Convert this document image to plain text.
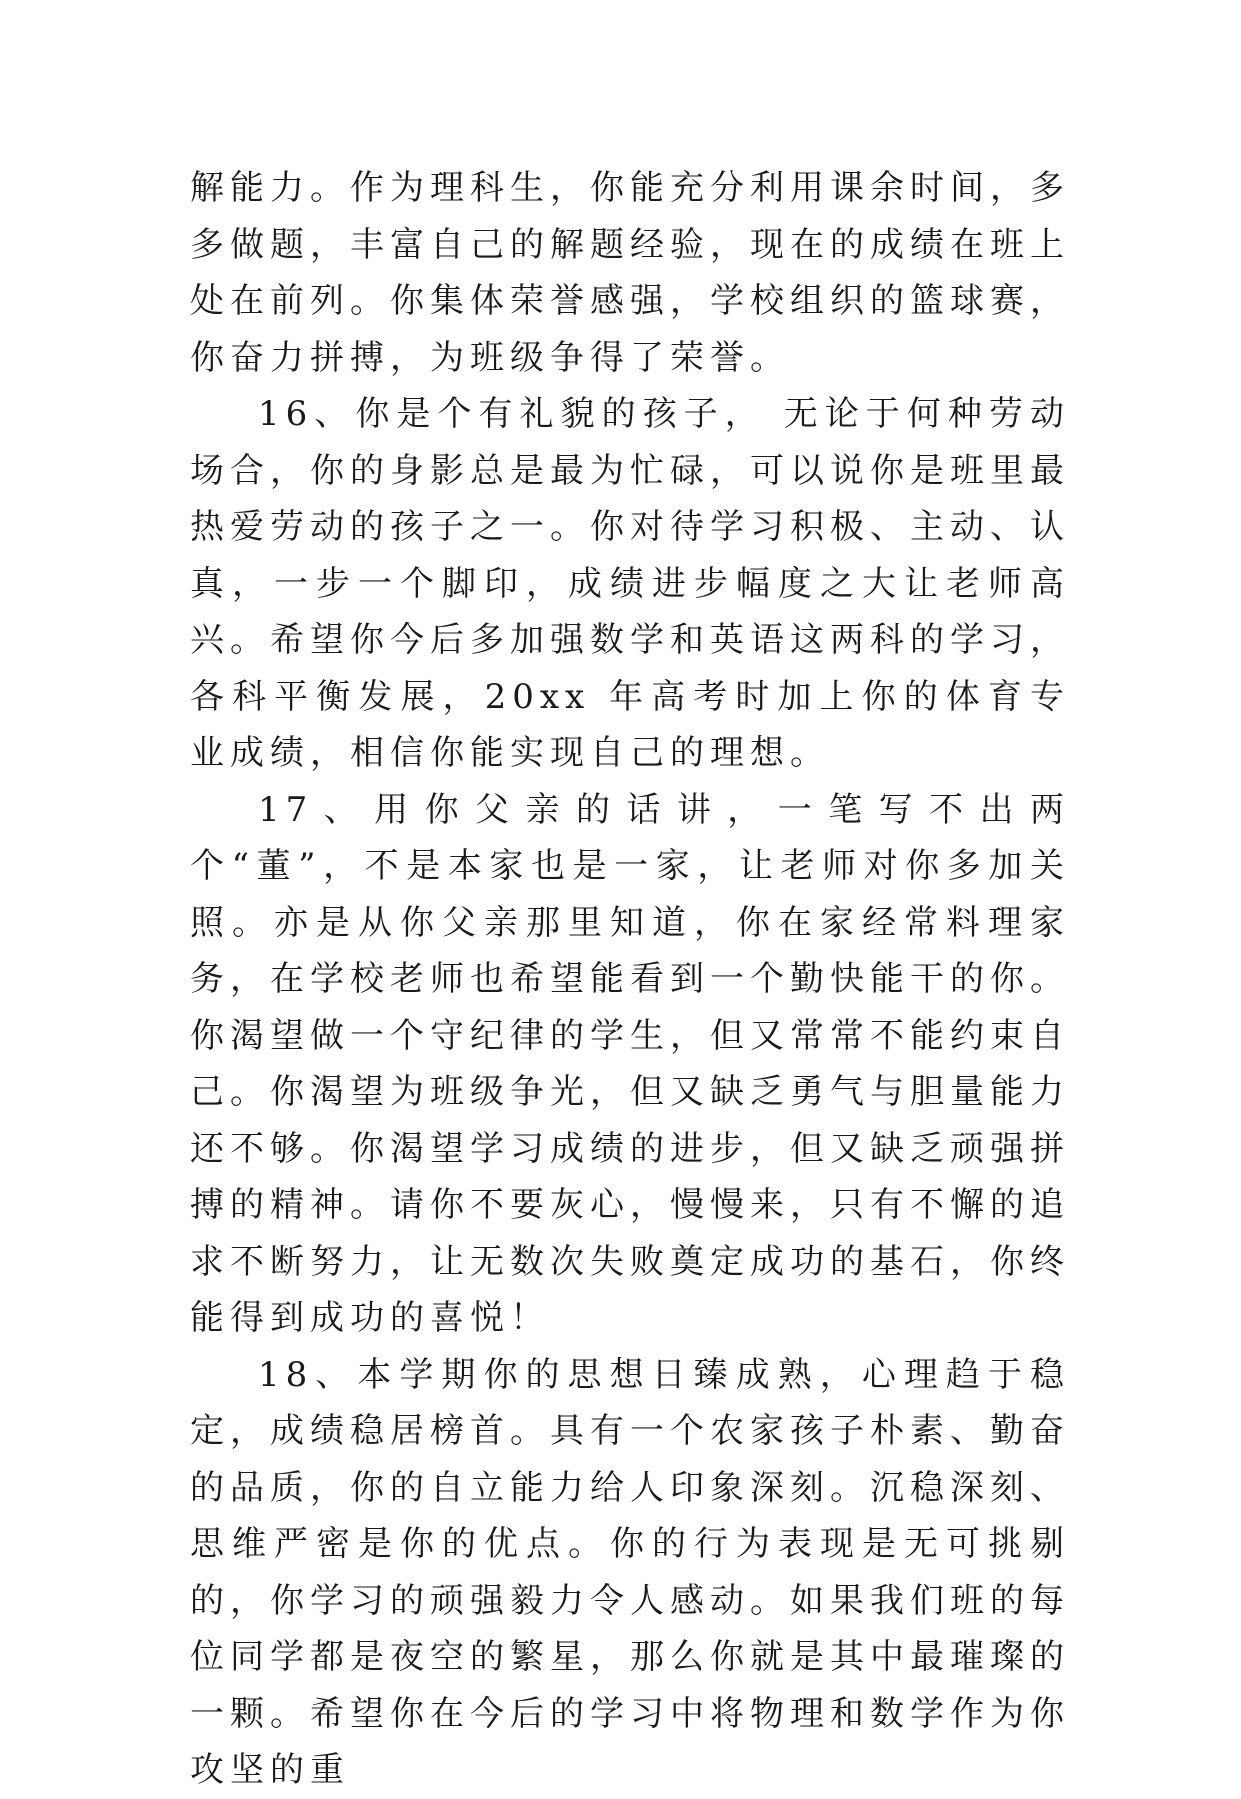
解能力。作为理科生，你能充分利用课余时间，多多做题，丰富自己的解题经验，现在的成绩在班上处在前列。你集体荣誉感强，学校组织的篮球赛，你奋力拼搏，为班级争得了荣誉。

16、你是个有礼貌的孩子， 无论于何种劳动场合，你的身影总是最为忙碌，可以说你是班里最热爱劳动的孩子之一。你对待学习积极、主动、认真，一步一个脚印，成绩进步幅度之大让老师高兴。希望你今后多加强数学和英语这两科的学习，各科平衡发展，20xx 年高考时加上你的体育专业成绩，相信你能实现自己的理想。

17、用你父亲的话讲，一笔写不出两个“董”，不是本家也是一家，让老师对你多加关照。亦是从你父亲那里知道，你在家经常料理家务，在学校老师也希望能看到一个勤快能干的你。你渴望做一个守纪律的学生，但又常常不能约束自己。你渴望为班级争光，但又缺乏勇气与胆量能力还不够。你渴望学习成绩的进步，但又缺乏顽强拼搏的精神。请你不要灰心，慢慢来，只有不懈的追求不断努力，让无数次失败奠定成功的基石，你终能得到成功的喜悦！

18、本学期你的思想日臻成熟，心理趋于稳定，成绩稳居榜首。具有一个农家孩子朴素、勤奋的品质，你的自立能力给人印象深刻。沉稳深刻、思维严密是你的优点。你的行为表现是无可挑剔的，你学习的顽强毅力令人感动。如果我们班的每位同学都是夜空的繁星，那么你就是其中最璀璨的一颗。希望你在今后的学习中将物理和数学作为你攻坚的重
